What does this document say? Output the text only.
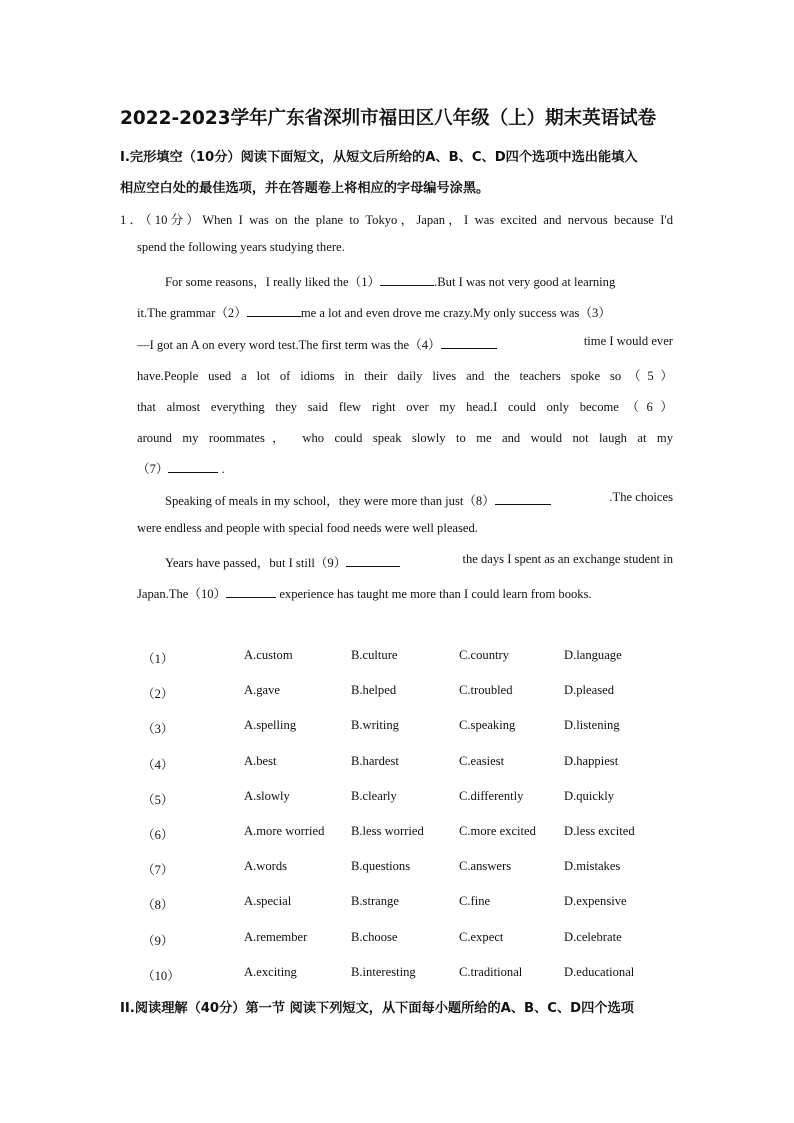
2022-2023学年广东省深圳市福田区八年级（上）期末英语试卷
I.完形填空（10分）阅读下面短文，从短文后所给的A、B、C、D四个选项中选出能填入
相应空白处的最佳选项，并在答题卷上将相应的字母编号涂黑。
1．（10分）When I was on the plane to Tokyo，Japan，I was excited and nervous because I'd
spend the following years studying there.
For some reasons，I really liked the（1）	.But I was not very good at learning
it.The grammar（2）	me a lot and even drove me crazy.My only success was（3）
—I got an A on every word test.The first term was the（4）	time I would ever
have.People used a lot of idioms in their daily lives and the teachers spoke so（5）
that almost everything they said flew right over my head.I could only become（6）
around my roommates， who could speak slowly to me and would not laugh at my
（7）	.
Speaking of meals in my school，they were more than just（8）	.The choices
were endless and people with special food needs were well pleased.
Years have passed，but I still（9）	the days I spent as an exchange student in
Japan.The（10）	experience has taught me more than I could learn from books.
（1）	A.custom	B.culture	C.country	D.language
（2）	A.gave	B.helped	C.troubled	D.pleased
（3）	A.spelling	B.writing	C.speaking	D.listening
（4）	A.best	B.hardest	C.easiest	D.happiest
（5）	A.slowly	B.clearly	C.differently	D.quickly
（6）	A.more worried B.less worried	C.more excited D.less excited
（7）	A.words	B.questions	C.answers	D.mistakes
（8）	A.special	B.strange	C.fine	D.expensive
（9）	A.remember	B.choose	C.expect	D.celebrate
（10）	A.exciting	B.interesting	C.traditional	D.educational
II.阅读理解（40分）第一节 阅读下列短文，从下面每小题所给的A、B、C、D四个选项
